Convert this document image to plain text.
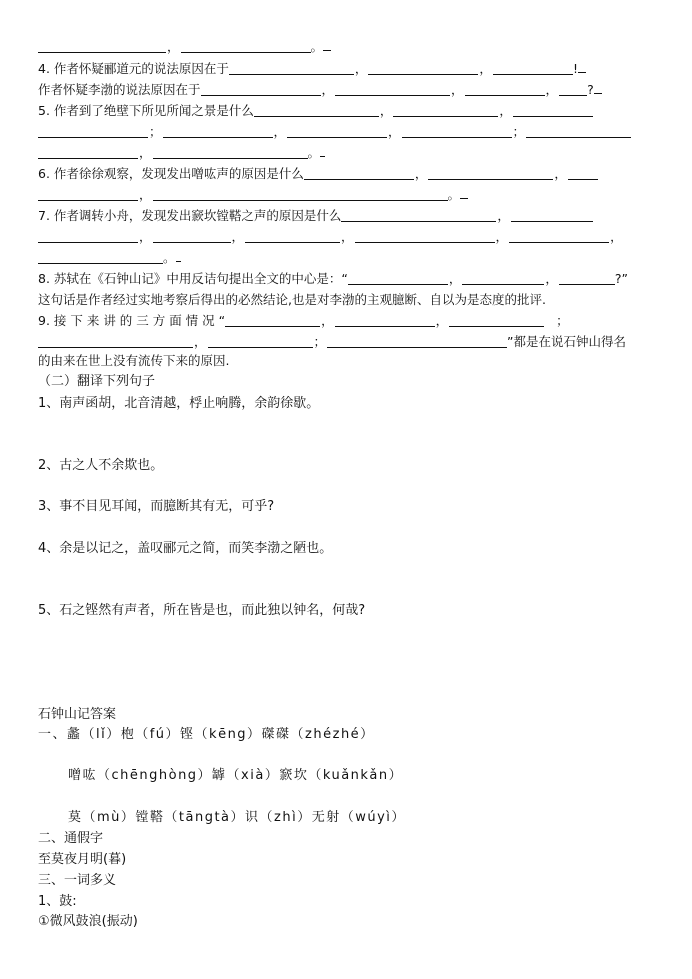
，	。
4. 作者怀疑郦道元的说法原因在于	，	，	!
作者怀疑李渤的说法原因在于	，	，	， ?
5. 作者到了绝壁下所见所闻之景是什么	，	，
；	，	，	；
，	。
6. 作者徐徐观察，发现发出噌吰声的原因是什么	，	，
，	。
7. 作者调转小舟，发现发出窾坎镗鞳之声的原因是什么	，
，	，	，	，	，
。
8. 苏轼在《石钟山记》中用反诘句提出全文的中心是：“	，	，	?”
这句话是作者经过实地考察后得出的必然结论,也是对李渤的主观臆断、自以为是态度的批评.
9. 接 下 来 讲 的 三 方 面 情 况 “	，	，	；
，	；	”都是在说石钟山得名
的由来在世上没有流传下来的原因.
（二）翻译下列句子
1、南声函胡，北音清越，桴止响腾，余韵徐歇。
2、古之人不余欺也。
3、事不目见耳闻，而臆断其有无，可乎?
4、余是以记之，盖叹郦元之简，而笑李渤之陋也。
5、石之铿然有声者，所在皆是也，而此独以钟名，何哉?
石钟山记答案
一、蠡（lǐ）枹（fú）铿（kēng）磔磔（zhézhé）
噌吰（chēnghòng）罅（xià）窾坎（kuǎnkǎn）
莫（mù）镗鞳（tāngtà）识（zhì）无射（wúyì）
二、通假字
至莫夜月明(暮)
三、一词多义
1、鼓:
①微风鼓浪(振动)
